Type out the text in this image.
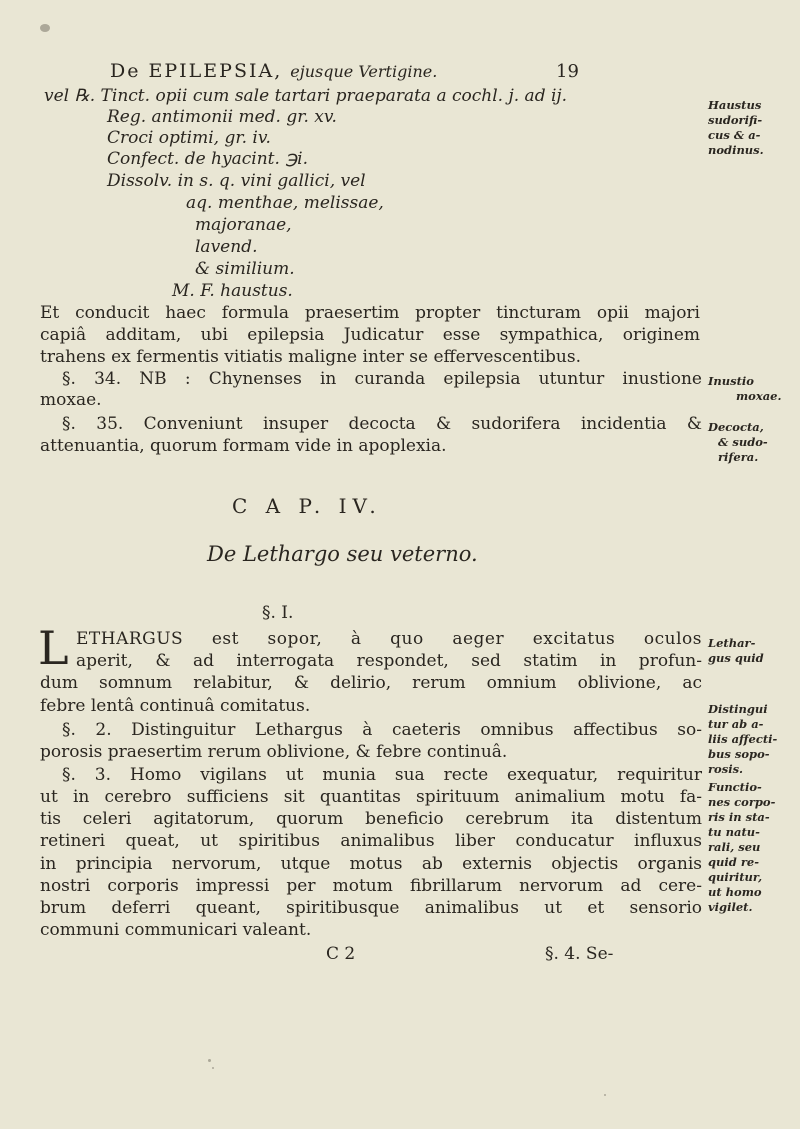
De EPILEPSIA, ejusque Vertigine.	19
vel ℞. Tinct. opii cum sale tartari praeparata a cochl. j. ad ij.
Reg. antimonii med. gr. xv.
Croci optimi, gr. iv.
Confect. de hyacint. ℈i.
Dissolv. in s. q. vini gallici, vel
aq. menthae, melissae,
majoranae,
lavend.
& similium.
M. F. haustus.
Haustus
sudorifi-
cus & a-
nodinus.
Et conducit haec formula praesertim propter tincturam opii majori
capiâ additam, ubi epilepsia Judicatur esse sympathica, originem
trahens ex fermentis vitiatis maligne inter se effervescentibus.
§. 34. NB : Chynenses in curanda epilepsia utuntur inustione
moxae.
Inustio
moxae.
§. 35. Conveniunt insuper decocta & sudorifera incidentia &
attenuantia, quorum formam vide in apoplexia.
Decocta,
& sudo-
rifera.
C A P. IV.
De Lethargo seu veterno.
§. I.
L ETHARGUS est sopor, à quo aeger excitatus oculos
aperit, & ad interrogata respondet, sed statim in profun-
dum somnum relabitur, & delirio, rerum omnium oblivione, ac
febre lentâ continuâ comitatus.
§. 2. Distinguitur Lethargus à caeteris omnibus affectibus so-
porosis praesertim rerum oblivione, & febre continuâ.
§. 3. Homo vigilans ut munia sua recte exequatur, requiritur
ut in cerebro sufficiens sit quantitas spirituum animalium motu fa-
tis celeri agitatorum, quorum beneficio cerebrum ita distentum
retineri queat, ut spiritibus animalibus liber conducatur influxus
in principia nervorum, utque motus ab externis objectis organis
nostri corporis impressi per motum fibrillarum nervorum ad cere-
brum deferri queant, spiritibusque animalibus ut et sensorio
communi communicari valeant.
Lethar-
gus quid
Distingui
tur ab a-
liis affecti-
bus sopo-
rosis.
Functio-
nes corpo-
ris in sta-
tu natu-
rali, seu
quid re-
quiritur,
ut homo
vigilet.
C 2	§. 4. Se-
